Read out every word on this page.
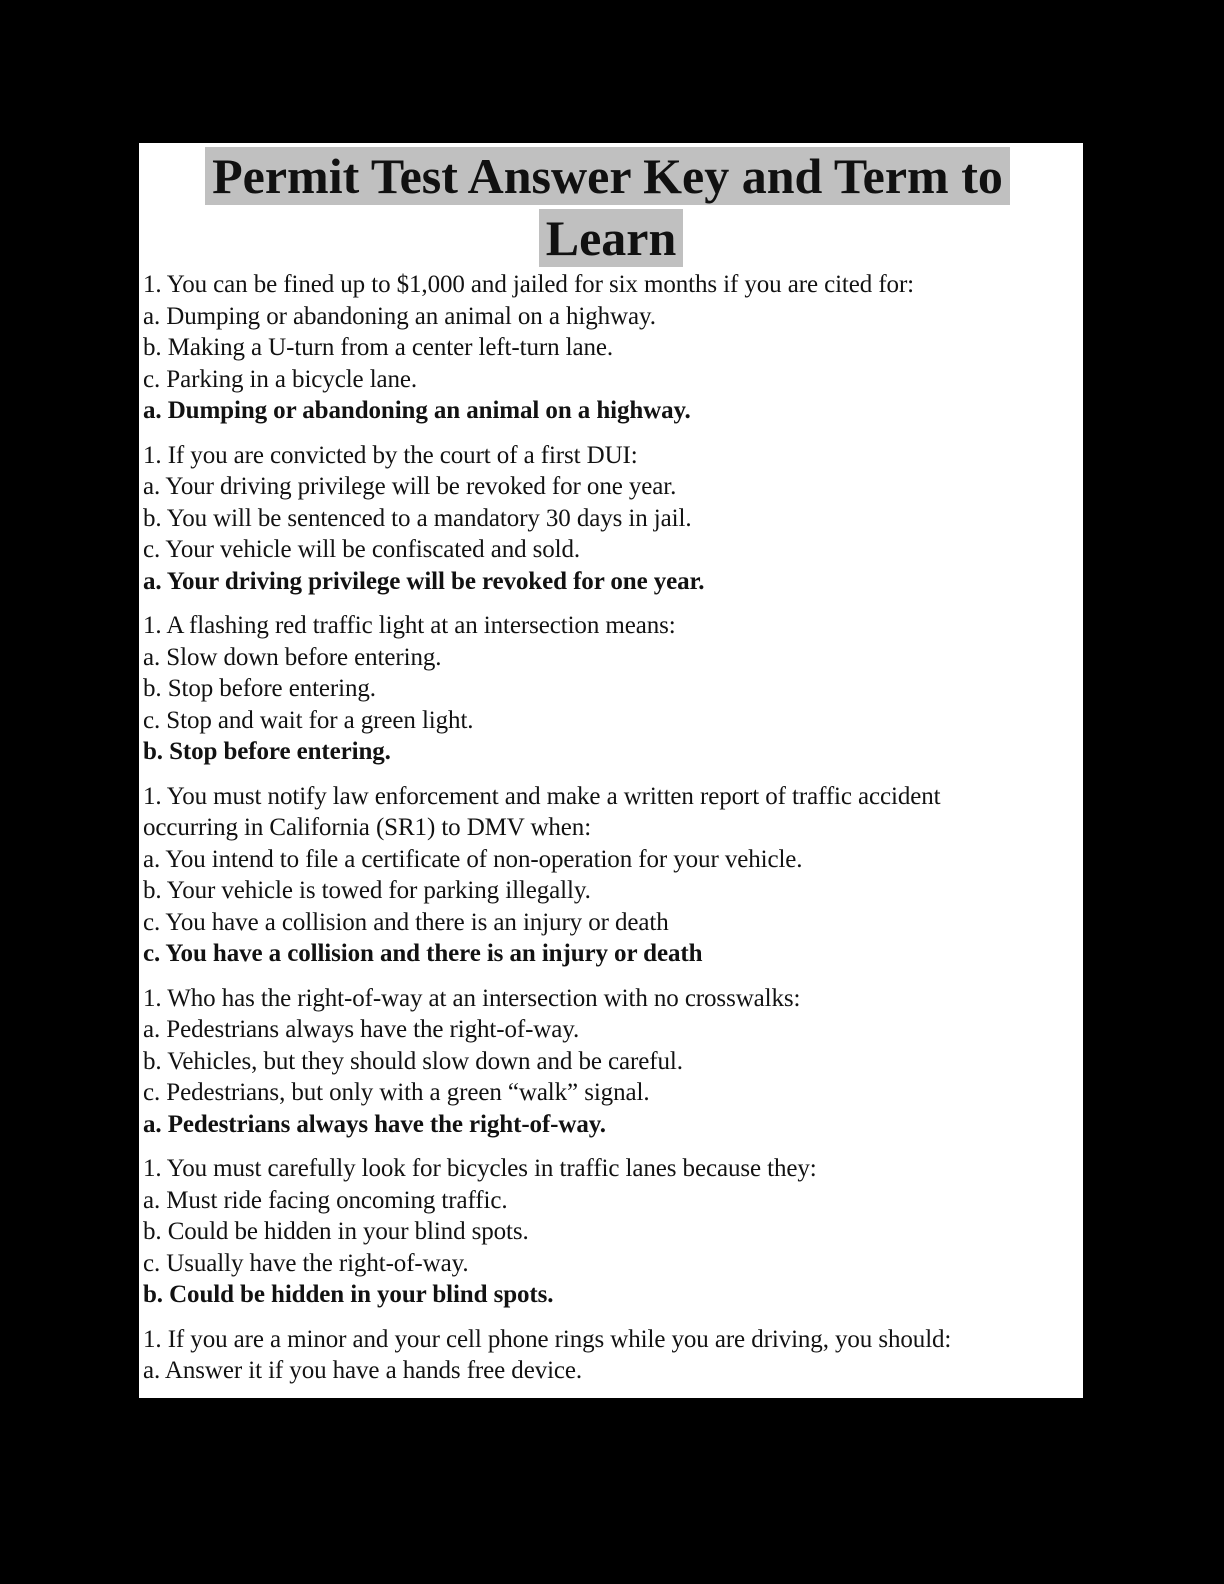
Permit Test Answer Key and Term to Learn
1. You can be fined up to $1,000 and jailed for six months if you are cited for:
a. Dumping or abandoning an animal on a highway.
b. Making a U-turn from a center left-turn lane.
c. Parking in a bicycle lane.
a. Dumping or abandoning an animal on a highway.
1. If you are convicted by the court of a first DUI:
a. Your driving privilege will be revoked for one year.
b. You will be sentenced to a mandatory 30 days in jail.
c. Your vehicle will be confiscated and sold.
a. Your driving privilege will be revoked for one year.
1. A flashing red traffic light at an intersection means:
a. Slow down before entering.
b. Stop before entering.
c. Stop and wait for a green light.
b. Stop before entering.
1. You must notify law enforcement and make a written report of traffic accident
occurring in California (SR1) to DMV when:
a. You intend to file a certificate of non-operation for your vehicle.
b. Your vehicle is towed for parking illegally.
c. You have a collision and there is an injury or death
c. You have a collision and there is an injury or death
1. Who has the right-of-way at an intersection with no crosswalks:
a. Pedestrians always have the right-of-way.
b. Vehicles, but they should slow down and be careful.
c. Pedestrians, but only with a green “walk” signal.
a. Pedestrians always have the right-of-way.
1. You must carefully look for bicycles in traffic lanes because they:
a. Must ride facing oncoming traffic.
b. Could be hidden in your blind spots.
c. Usually have the right-of-way.
b. Could be hidden in your blind spots.
1. If you are a minor and your cell phone rings while you are driving, you should:
a. Answer it if you have a hands free device.
